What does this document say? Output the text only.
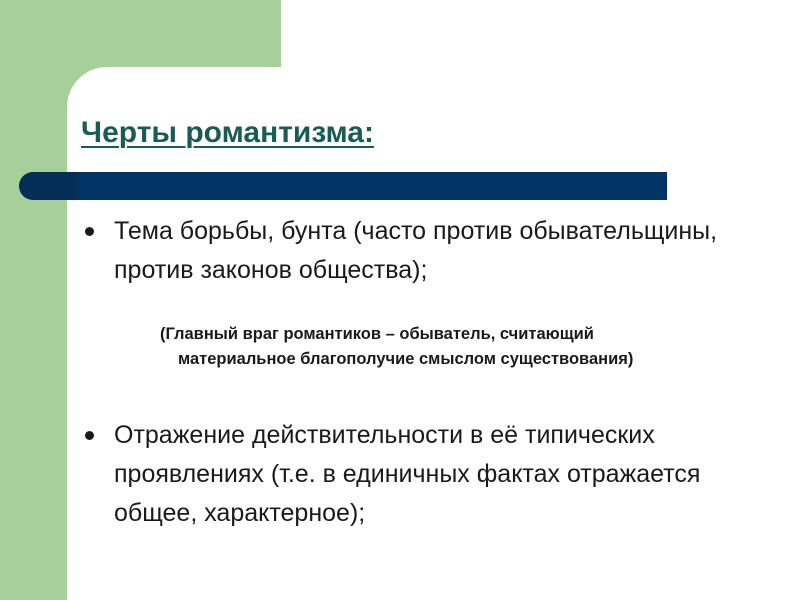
Черты романтизма:

Тема борьбы, бунта (часто против обывательщины, против законов общества);

(Главный враг романтиков – обыватель, считающий материальное благополучие смыслом существования)

Отражение действительности в её типических проявлениях (т.е. в единичных фактах отражается общее, характерное);
